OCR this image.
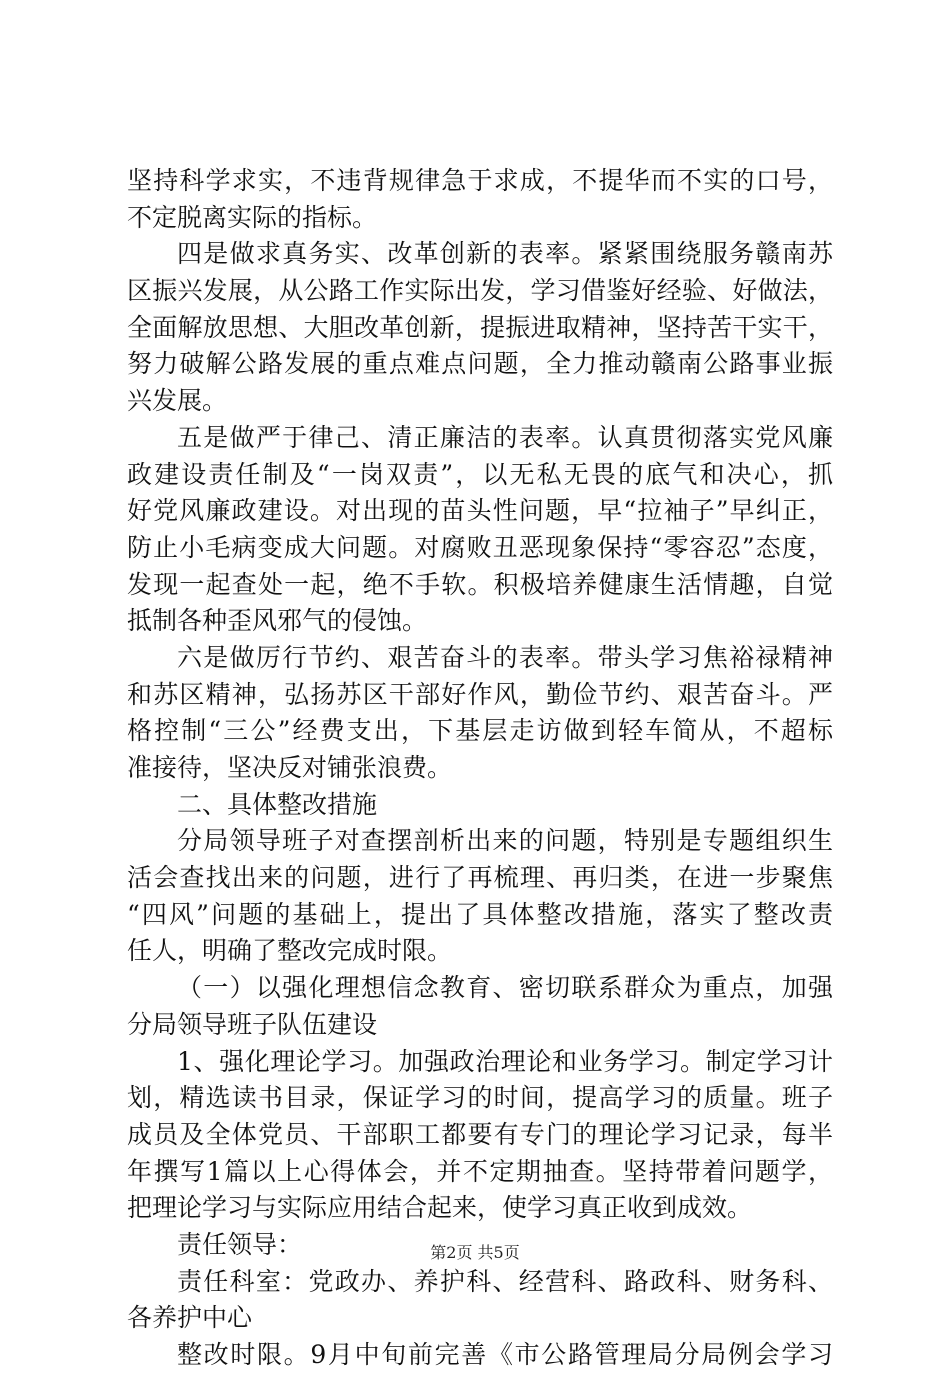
坚持科学求实，不违背规律急于求成，不提华而不实的口号，
不定脱离实际的指标。
四是做求真务实、改革创新的表率。紧紧围绕服务赣南苏
区振兴发展，从公路工作实际出发，学习借鉴好经验、好做法，
全面解放思想、大胆改革创新，提振进取精神，坚持苦干实干，
努力破解公路发展的重点难点问题，全力推动赣南公路事业振
兴发展。
五是做严于律己、清正廉洁的表率。认真贯彻落实党风廉
政建设责任制及“一岗双责”，以无私无畏的底气和决心，抓
好党风廉政建设。对出现的苗头性问题，早“拉袖子”早纠正，
防止小毛病变成大问题。对腐败丑恶现象保持“零容忍”态度，
发现一起查处一起，绝不手软。积极培养健康生活情趣，自觉
抵制各种歪风邪气的侵蚀。
六是做厉行节约、艰苦奋斗的表率。带头学习焦裕禄精神
和苏区精神，弘扬苏区干部好作风，勤俭节约、艰苦奋斗。严
格控制“三公”经费支出，下基层走访做到轻车简从，不超标
准接待，坚决反对铺张浪费。
二、具体整改措施
分局领导班子对查摆剖析出来的问题，特别是专题组织生
活会查找出来的问题，进行了再梳理、再归类，在进一步聚焦
“四风”问题的基础上，提出了具体整改措施，落实了整改责
任人，明确了整改完成时限。
（一）以强化理想信念教育、密切联系群众为重点，加强
分局领导班子队伍建设
1、强化理论学习。加强政治理论和业务学习。制定学习计
划，精选读书目录，保证学习的时间，提高学习的质量。班子
成员及全体党员、干部职工都要有专门的理论学习记录，每半
年撰写1篇以上心得体会，并不定期抽查。坚持带着问题学，
把理论学习与实际应用结合起来，使学习真正收到成效。
责任领导：
责任科室：党政办、养护科、经营科、路政科、财务科、
各养护中心
整改时限。9月中旬前完善《市公路管理局分局例会学习
第2页 共5页
